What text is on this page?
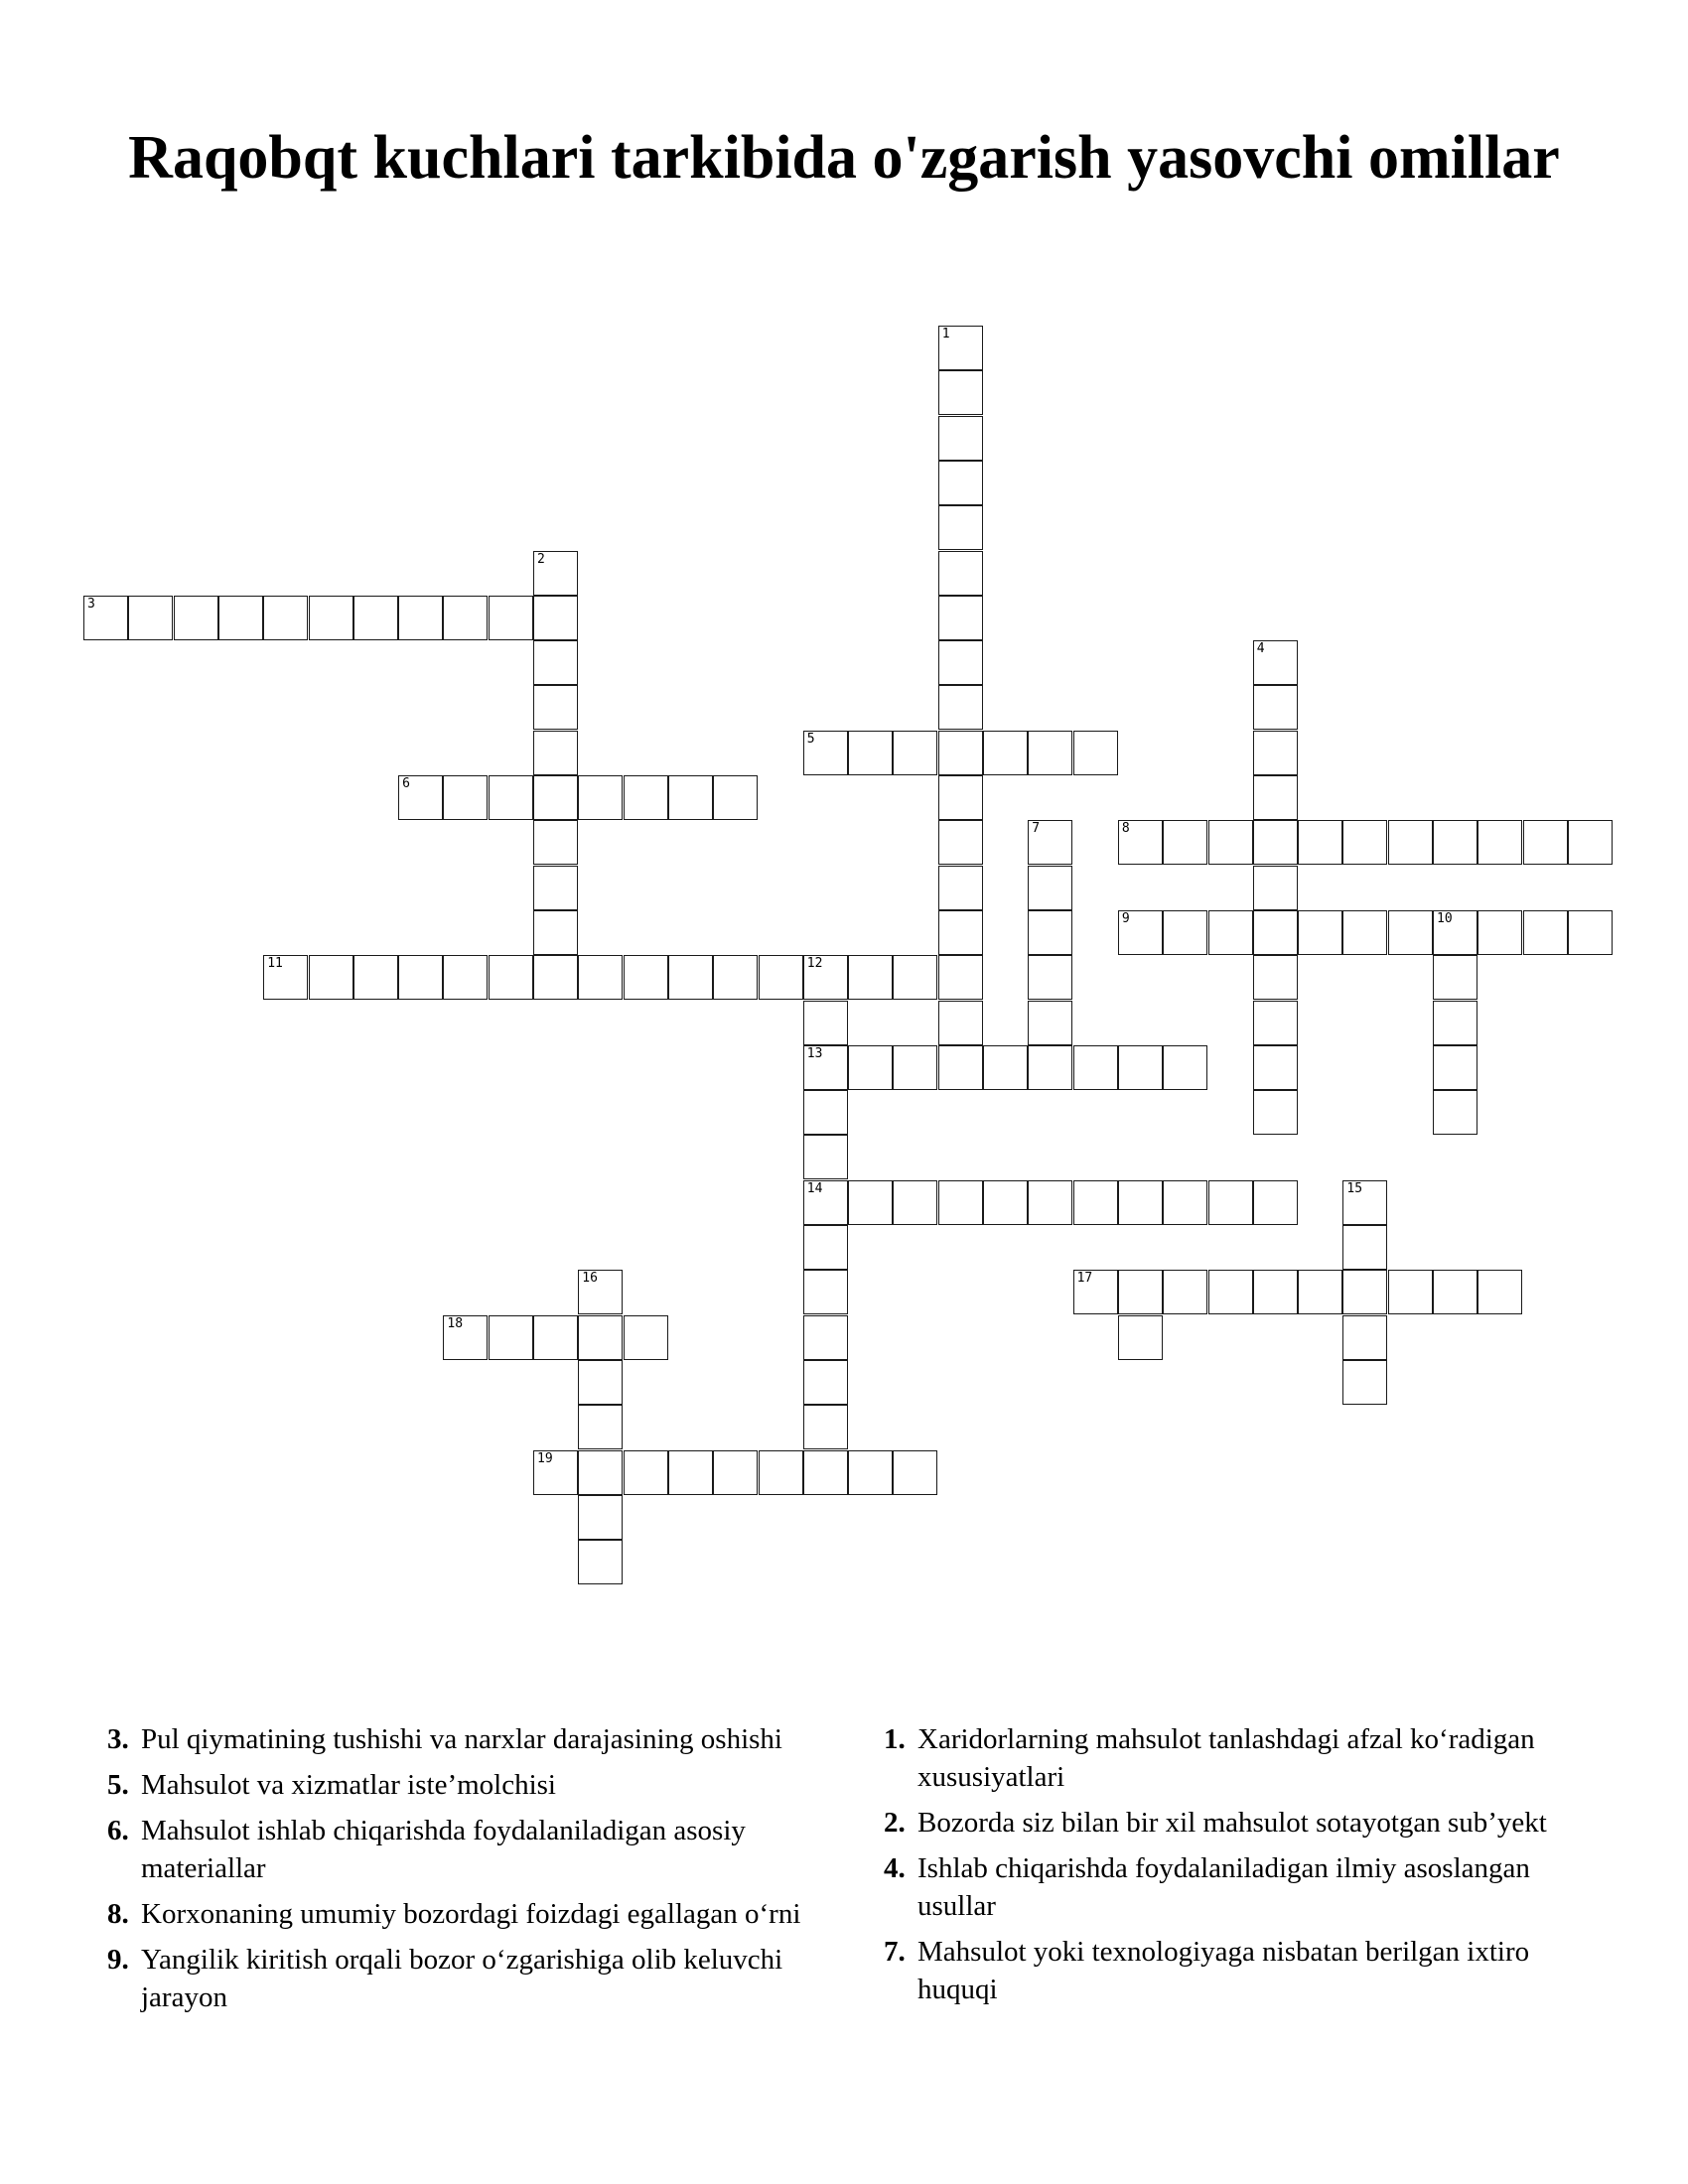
Raqobqt kuchlari tarkibida o'zgarish yasovchi omillar
1
2
3
4
5
6
7	8
9	10
11	12
13
14	15
16	17
18
19
3. Pul qiymatining tushishi va narxlar darajasining oshishi
5. Mahsulot va xizmatlar iste’molchisi
6. Mahsulot ishlab chiqarishda foydalaniladigan asosiy materiallar
8. Korxonaning umumiy bozordagi foizdagi egallagan o‘rni
9. Yangilik kiritish orqali bozor o‘zgarishiga olib keluvchi jarayon
1. Xaridorlarning mahsulot tanlashdagi afzal ko‘radigan xususiyatlari
2. Bozorda siz bilan bir xil mahsulot sotayotgan sub’yekt
4. Ishlab chiqarishda foydalaniladigan ilmiy asoslangan usullar
7. Mahsulot yoki texnologiyaga nisbatan berilgan ixtiro huquqi
